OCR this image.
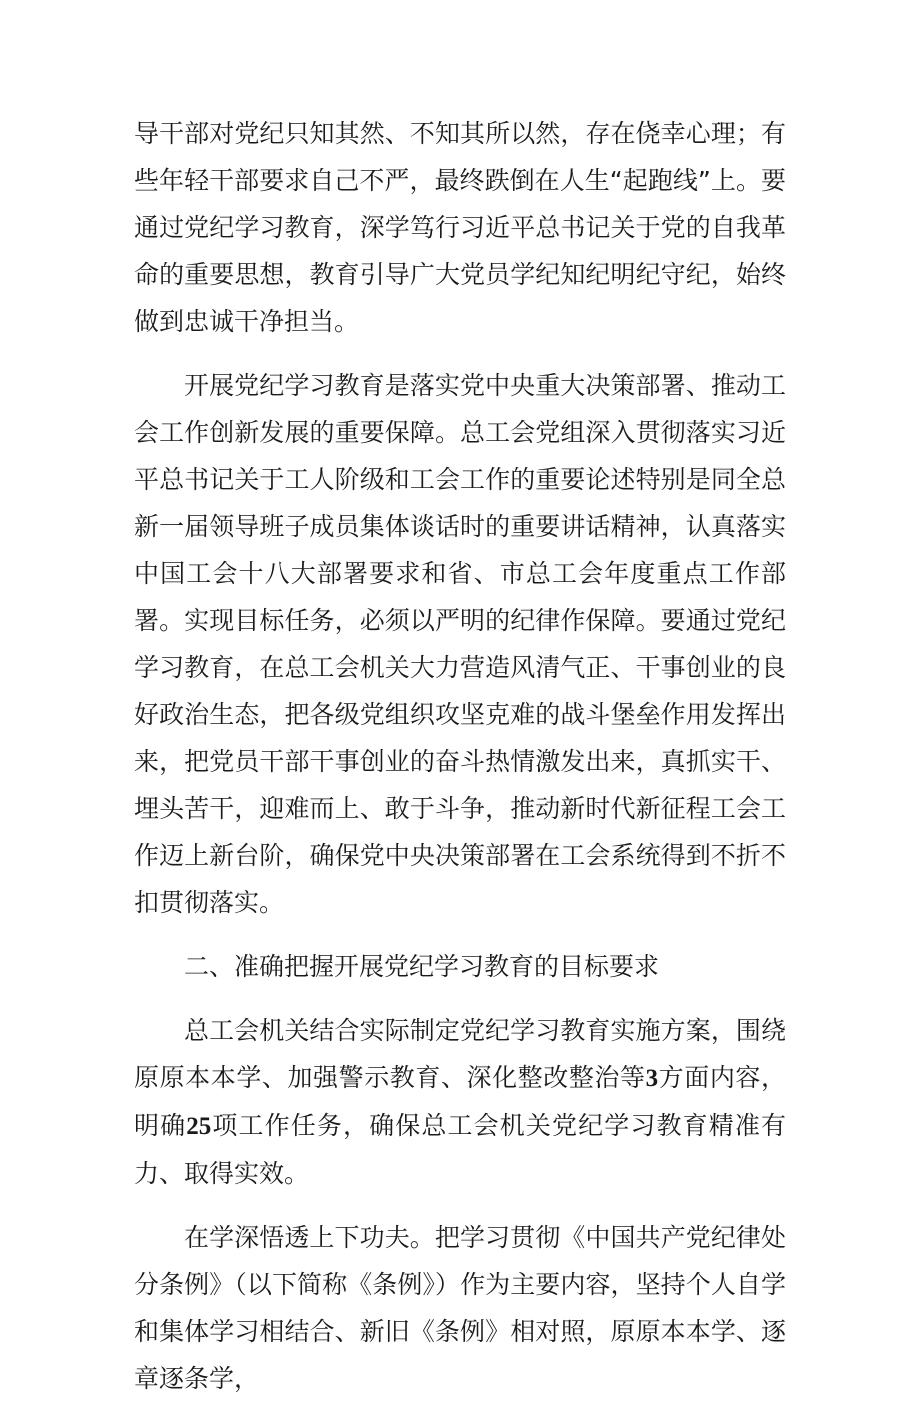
导干部对党纪只知其然、不知其所以然，存在侥幸心理；有些年轻干部要求自己不严，最终跌倒在人生“起跑线”上。要通过党纪学习教育，深学笃行习近平总书记关于党的自我革命的重要思想，教育引导广大党员学纪知纪明纪守纪，始终做到忠诚干净担当。

开展党纪学习教育是落实党中央重大决策部署、推动工会工作创新发展的重要保障。总工会党组深入贯彻落实习近平总书记关于工人阶级和工会工作的重要论述特别是同全总新一届领导班子成员集体谈话时的重要讲话精神，认真落实中国工会十八大部署要求和省、市总工会年度重点工作部署。实现目标任务，必须以严明的纪律作保障。要通过党纪学习教育，在总工会机关大力营造风清气正、干事创业的良好政治生态，把各级党组织攻坚克难的战斗堡垒作用发挥出来，把党员干部干事创业的奋斗热情激发出来，真抓实干、埋头苦干，迎难而上、敢于斗争，推动新时代新征程工会工作迈上新台阶，确保党中央决策部署在工会系统得到不折不扣贯彻落实。

二、准确把握开展党纪学习教育的目标要求

总工会机关结合实际制定党纪学习教育实施方案，围绕原原本本学、加强警示教育、深化整改整治等3方面内容，明确25项工作任务，确保总工会机关党纪学习教育精准有力、取得实效。

在学深悟透上下功夫。把学习贯彻《中国共产党纪律处分条例》（以下简称《条例》）作为主要内容，坚持个人自学和集体学习相结合、新旧《条例》相对照，原原本本学、逐章逐条学，
